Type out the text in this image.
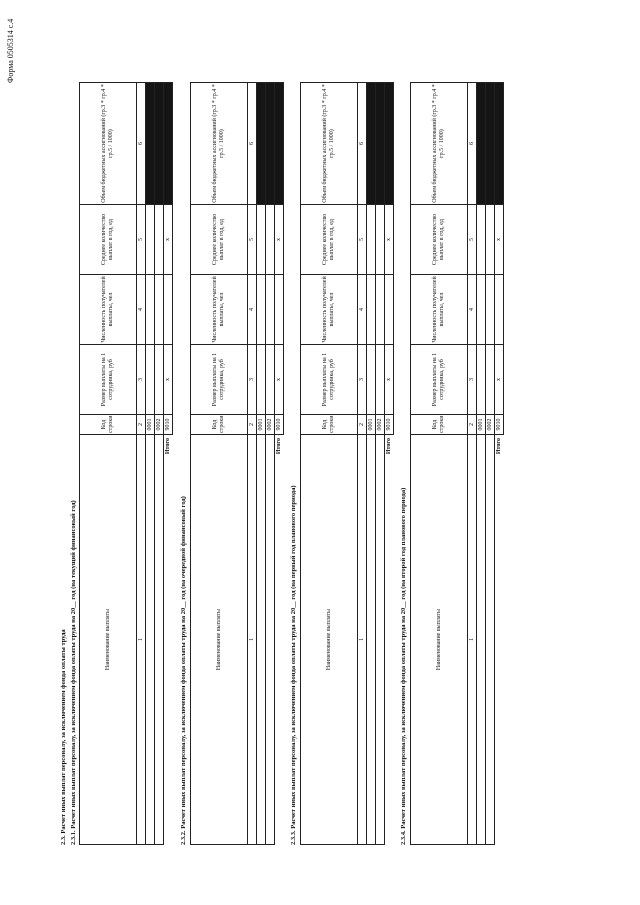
Форма 0505314 с.4
2.3. Расчет иных выплат персоналу, за исключением фонда оплаты труда 2.3.1. Расчет иных выплат персоналу, за исключением фонда оплаты труда на 20__ год (на текущий финансовый год)	Наименование выплаты	Код строки	Размер выплаты на 1 сотрудника, руб	Численность получателей выплаты, чел	Среднее количество выплат в год, ед	Объем бюджетных ассигнований (гр.3 * гр.4 * гр.5 / 1000)
1	2	3	4	5	6
	0001				
	0002				
Итого	9010	x		x	
2.3.2. Расчет иных выплат персоналу, за исключением фонда оплаты труда на 20__ год (на очередной финансовый год)	Наименование выплаты	Код строки	Размер выплаты на 1 сотрудника, руб	Численность получателей выплаты, чел	Среднее количество выплат в год, ед	Объем бюджетных ассигнований (гр.3 * гр.4 * гр.5 / 1000)
1	2	3	4	5	6
	0001				
	0002				
Итого	9010	x		x	
2.3.3. Расчет иных выплат персоналу, за исключением фонда оплаты труда на 20__ год (на первый год планового периода)	Наименование выплаты	Код строки	Размер выплаты на 1 сотрудника, руб	Численность получателей выплаты, чел	Среднее количество выплат в год, ед	Объем бюджетных ассигнований (гр.3 * гр.4 * гр.5 / 1000)
1	2	3	4	5	6
	0001				
	0002				
Итого	9010	x		x	
2.3.4. Расчет иных выплат персоналу, за исключением фонда оплаты труда на 20__ год (на второй год планового периода)	Наименование выплаты	Код строки	Размер выплаты на 1 сотрудника, руб	Численность получателей выплаты, чел	Среднее количество выплат в год, ед	Объем бюджетных ассигнований (гр.3 * гр.4 * гр.5 / 1000)
1	2	3	4	5	6
	0001				
	0002				
Итого	9010	x		x	
